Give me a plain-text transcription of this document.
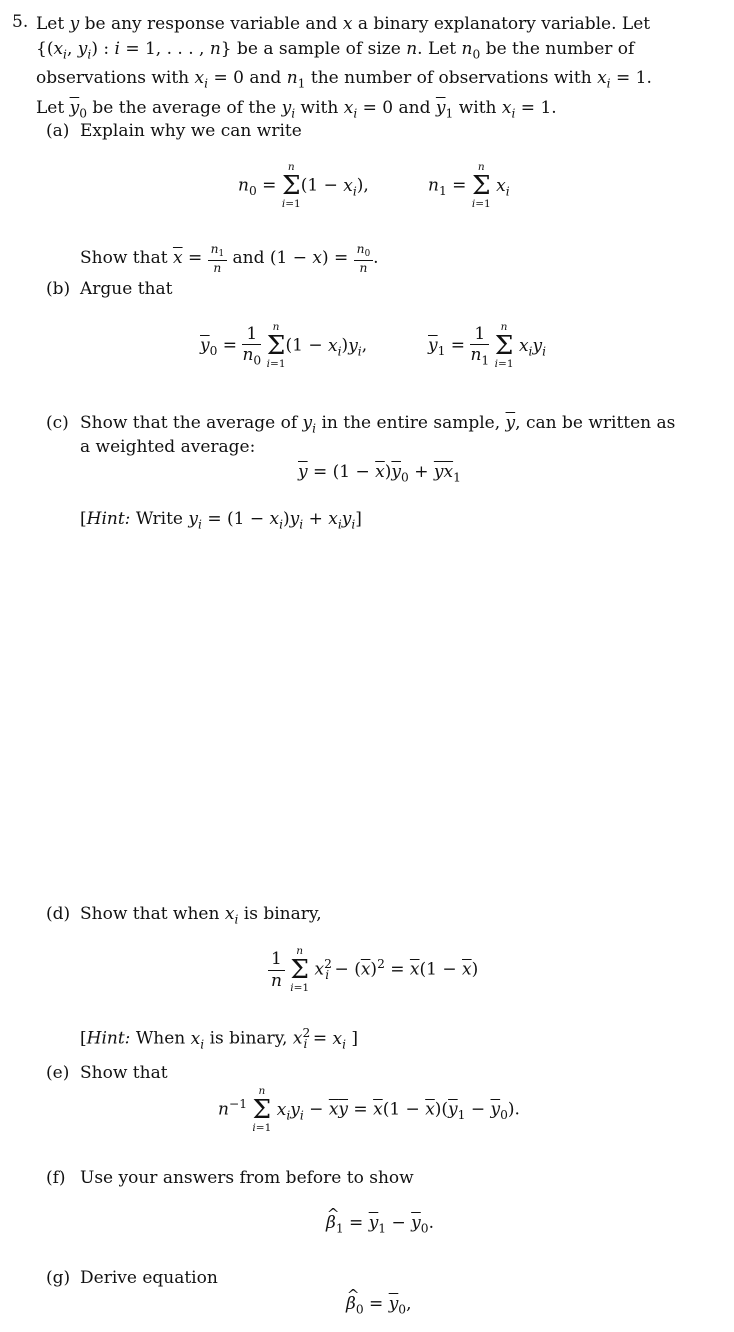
5. Let y be any response variable and x a binary explanatory variable. Let
{($x_i$, $y_i$) : i = 1, . . . , n} be a sample of size n. Let $n_0$ be the number of
observations with $x_i = 0$ and $n_1$ the number of observations with $x_i = 1$.
Let $\overline{y}_0$ be the average of the $y_i$ with $x_i = 0$ and $\overline{y}_1$ with $x_i = 1$.
(a) Explain why we can write
$n_0$ =
n
Σ
i=1
$(1 - x_i)$,	$n_1$ =
n
Σ
i=1
$x_i$
Show that $\overline{x} = \frac{n_1}{n}$ and $(1 - x) = \frac{n_0}{n}$ .
(b) Argue that
$\overline{y}_0 = \frac{1}{n_0}$
	n
Σ
i=1
$(1 - x_i)y_i$,	$\overline{y}_1 = \frac{1}{n_1}$
	n
Σ
i=1
$x_iy_i$
(c) Show that the average of $y_i$ in the entire sample, $\overline{y}$, can be written as
a weighted average:
$\overline{y} = (1 - \overline{x})\overline{y}_0 + \overline{y}\overline{x}_1$
[Hint: Write $y_i = (1 - x_i)y_i + x_iy_i$]
(d) Show that when $x_i$ is binary,
$\frac{1}{n}$
	n
Σ
i=1
$x^2_i - (\overline{x})^2 = \overline{x}(1 - \overline{x})$
[Hint: When $x_i$ is binary, $x^2_i = x_i$ ]
(e) Show that
$n^{-1}$
n
Σ
i=1
$x_iy_i - \overline{x}\overline{y} = \overline{x}(1 - \overline{x})(\overline{y}_1 - \overline{y}_0)$.
(f) Use your answers from before to show
^ $\beta_1 = \overline{y}_1 - \overline{y}_0$.
(g) Derive equation
^ $\beta_0 = \overline{y}_0$,
